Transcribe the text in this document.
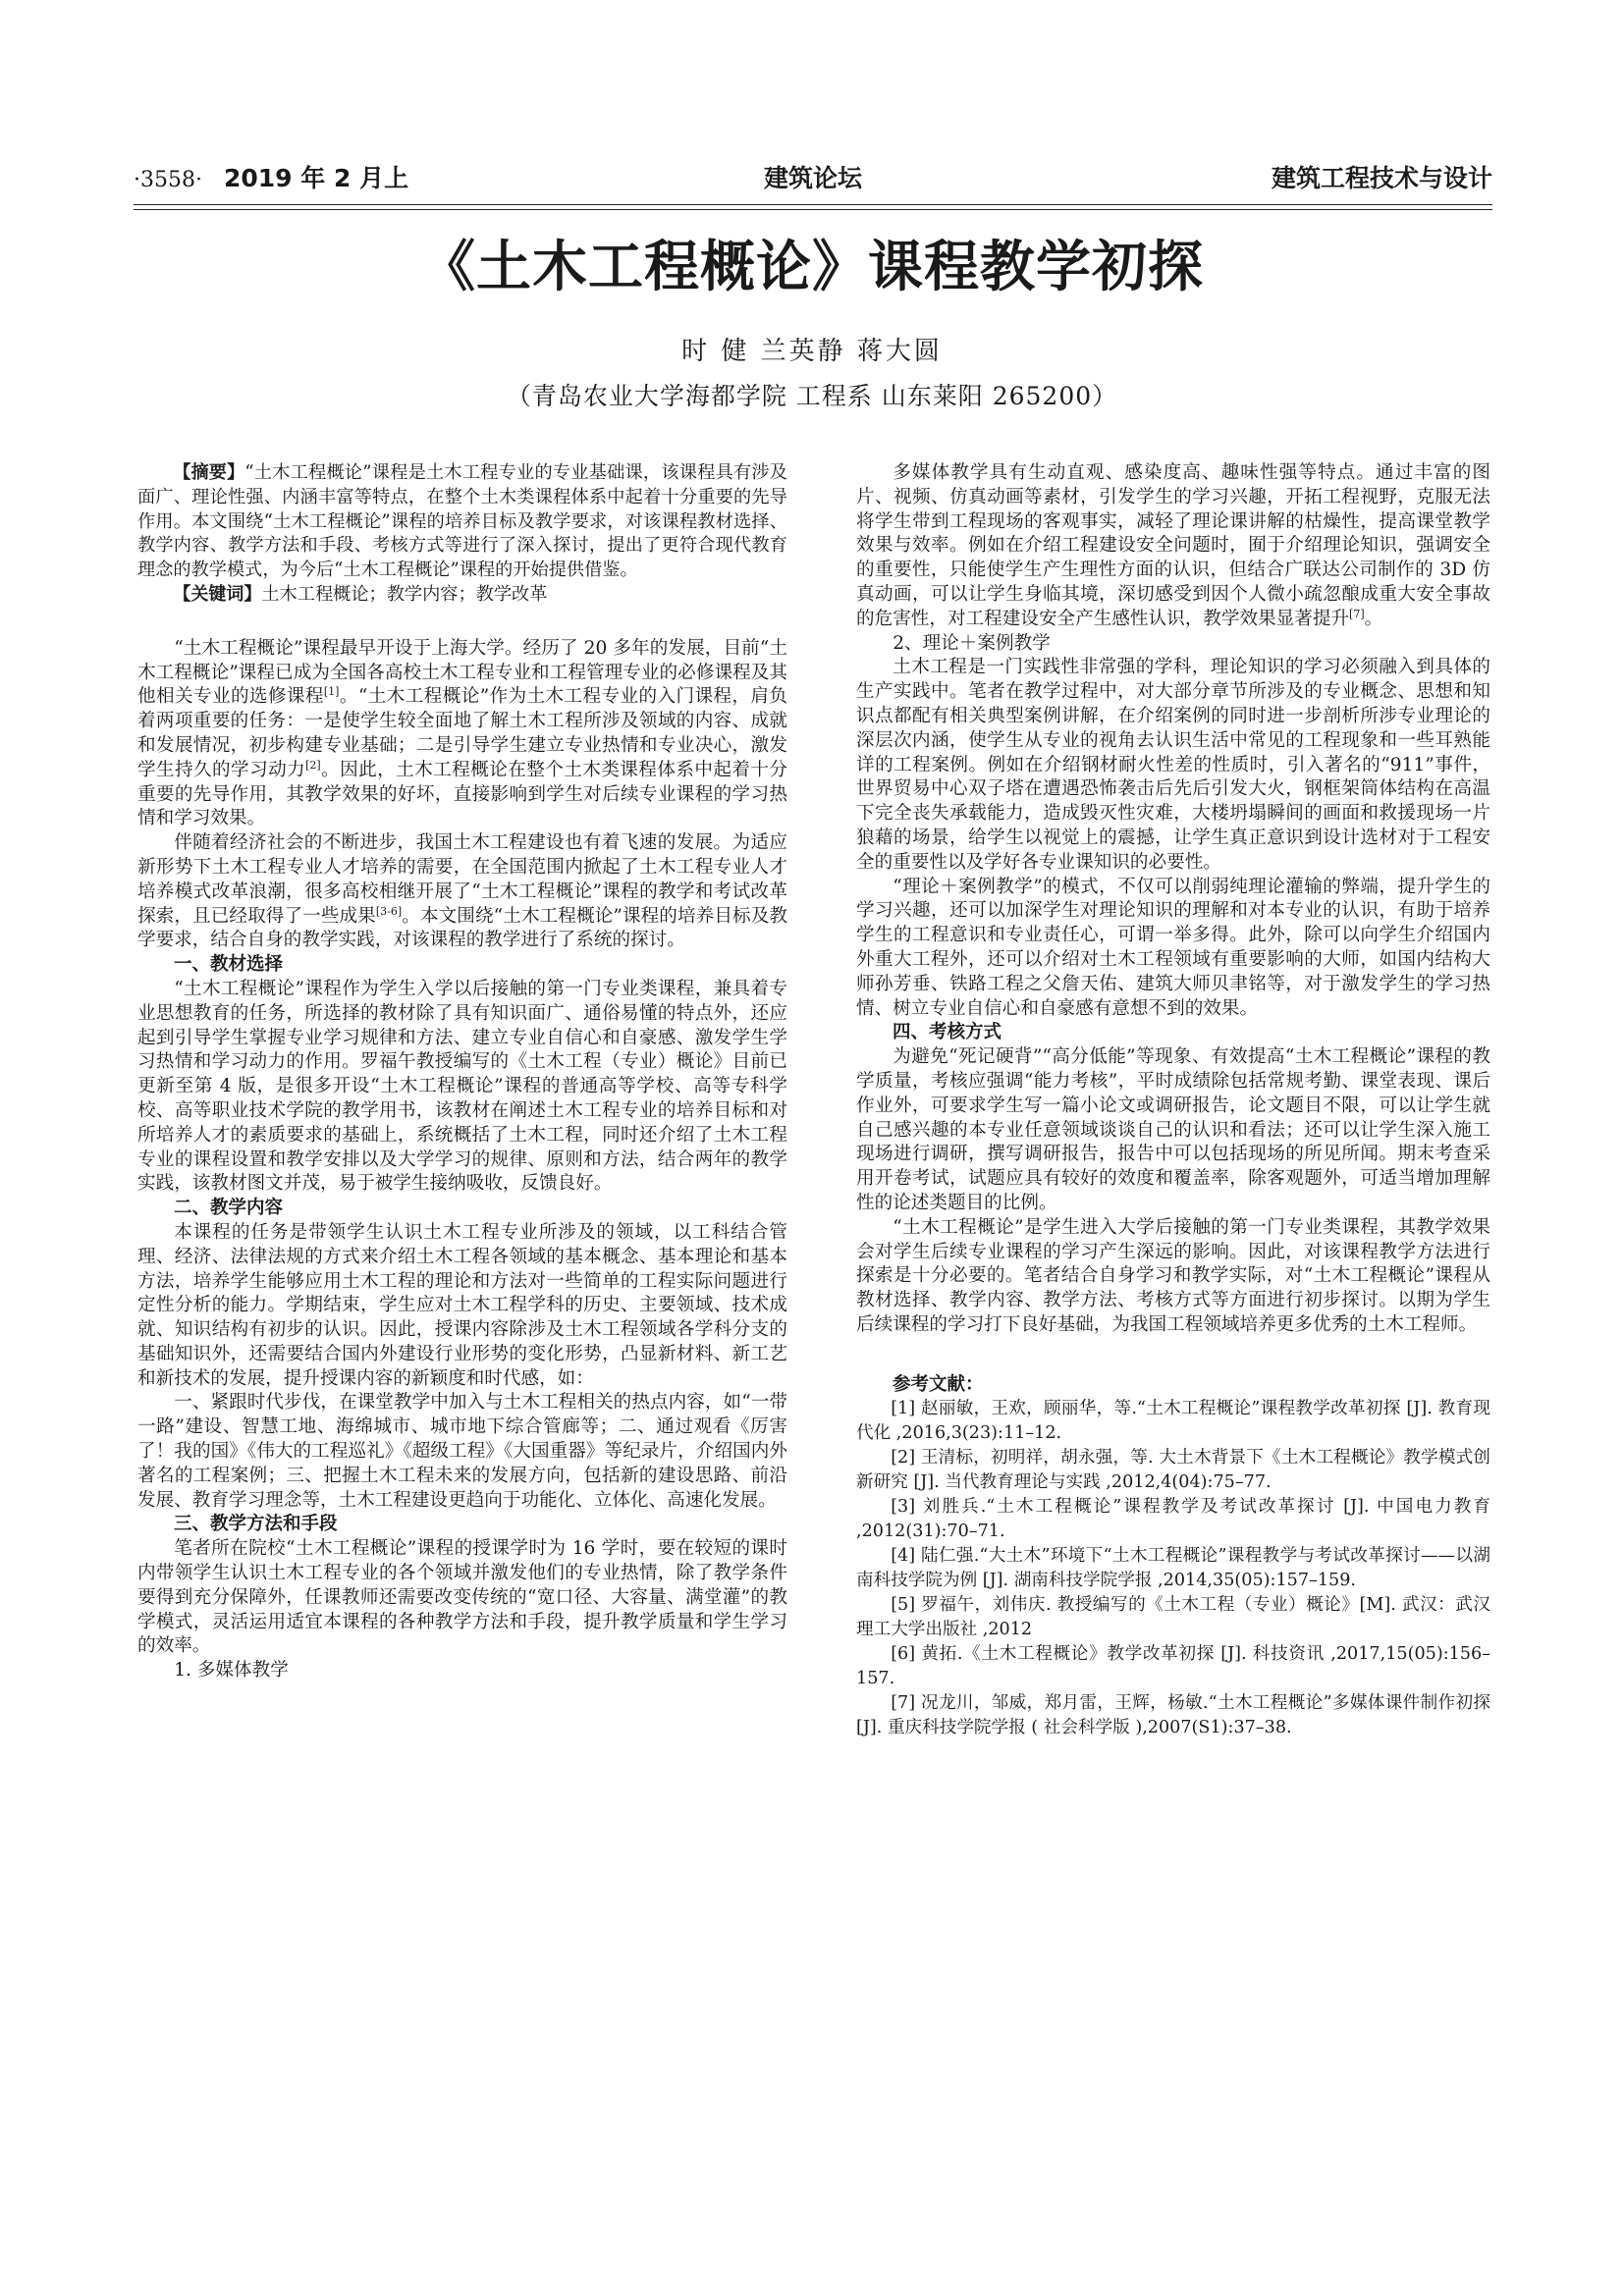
·3558· 2019 年 2 月上	建筑论坛	建筑工程技术与设计
《土木工程概论》课程教学初探
时 健 兰英静 蒋大圆
（青岛农业大学海都学院 工程系 山东莱阳 265200）

【摘要】“土木工程概论”课程是土木工程专业的专业基础课，该课程具有涉及面广、理论性强、内涵丰富等特点，在整个土木类课程体系中起着十分重要的先导作用。本文围绕“土木工程概论”课程的培养目标及教学要求，对该课程教材选择、教学内容、教学方法和手段、考核方式等进行了深入探讨，提出了更符合现代教育理念的教学模式，为今后“土木工程概论”课程的开始提供借鉴。

【关键词】土木工程概论；教学内容；教学改革

“土木工程概论”课程最早开设于上海大学。经历了 20 多年的发展，目前“土木工程概论”课程已成为全国各高校土木工程专业和工程管理专业的必修课程及其他相关专业的选修课程[1]。“土木工程概论”作为土木工程专业的入门课程，肩负着两项重要的任务：一是使学生较全面地了解土木工程所涉及领域的内容、成就和发展情况，初步构建专业基础；二是引导学生建立专业热情和专业决心，激发学生持久的学习动力[2]。因此，土木工程概论在整个土木类课程体系中起着十分重要的先导作用，其教学效果的好坏，直接影响到学生对后续专业课程的学习热情和学习效果。

伴随着经济社会的不断进步，我国土木工程建设也有着飞速的发展。为适应新形势下土木工程专业人才培养的需要，在全国范围内掀起了土木工程专业人才培养模式改革浪潮，很多高校相继开展了“土木工程概论”课程的教学和考试改革探索，且已经取得了一些成果[3-6]。本文围绕“土木工程概论”课程的培养目标及教学要求，结合自身的教学实践，对该课程的教学进行了系统的探讨。

一、教材选择

“土木工程概论”课程作为学生入学以后接触的第一门专业类课程，兼具着专业思想教育的任务，所选择的教材除了具有知识面广、通俗易懂的特点外，还应起到引导学生掌握专业学习规律和方法、建立专业自信心和自豪感、激发学生学习热情和学习动力的作用。罗福午教授编写的《土木工程（专业）概论》目前已更新至第 4 版，是很多开设“土木工程概论”课程的普通高等学校、高等专科学校、高等职业技术学院的教学用书，该教材在阐述土木工程专业的培养目标和对所培养人才的素质要求的基础上，系统概括了土木工程，同时还介绍了土木工程专业的课程设置和教学安排以及大学学习的规律、原则和方法，结合两年的教学实践，该教材图文并茂，易于被学生接纳吸收，反馈良好。

二、教学内容

本课程的任务是带领学生认识土木工程专业所涉及的领域，以工科结合管理、经济、法律法规的方式来介绍土木工程各领域的基本概念、基本理论和基本方法，培养学生能够应用土木工程的理论和方法对一些简单的工程实际问题进行定性分析的能力。学期结束，学生应对土木工程学科的历史、主要领域、技术成就、知识结构有初步的认识。因此，授课内容除涉及土木工程领域各学科分支的基础知识外，还需要结合国内外建设行业形势的变化形势，凸显新材料、新工艺和新技术的发展，提升授课内容的新颖度和时代感，如：

一、紧跟时代步伐，在课堂教学中加入与土木工程相关的热点内容，如“一带一路”建设、智慧工地、海绵城市、城市地下综合管廊等；二、通过观看《厉害了！我的国》《伟大的工程巡礼》《超级工程》《大国重器》等纪录片，介绍国内外著名的工程案例；三、把握土木工程未来的发展方向，包括新的建设思路、前沿发展、教育学习理念等，土木工程建设更趋向于功能化、立体化、高速化发展。

三、教学方法和手段

笔者所在院校“土木工程概论”课程的授课学时为 16 学时，要在较短的课时内带领学生认识土木工程专业的各个领域并激发他们的专业热情，除了教学条件要得到充分保障外，任课教师还需要改变传统的“宽口径、大容量、满堂灌”的教学模式，灵活运用适宜本课程的各种教学方法和手段，提升教学质量和学生学习的效率。

1. 多媒体教学

多媒体教学具有生动直观、感染度高、趣味性强等特点。通过丰富的图片、视频、仿真动画等素材，引发学生的学习兴趣，开拓工程视野，克服无法将学生带到工程现场的客观事实，减轻了理论课讲解的枯燥性，提高课堂教学效果与效率。例如在介绍工程建设安全问题时，囿于介绍理论知识，强调安全的重要性，只能使学生产生理性方面的认识，但结合广联达公司制作的 3D 仿真动画，可以让学生身临其境，深切感受到因个人微小疏忽酿成重大安全事故的危害性，对工程建设安全产生感性认识，教学效果显著提升[7]。

2、理论＋案例教学

土木工程是一门实践性非常强的学科，理论知识的学习必须融入到具体的生产实践中。笔者在教学过程中，对大部分章节所涉及的专业概念、思想和知识点都配有相关典型案例讲解，在介绍案例的同时进一步剖析所涉专业理论的深层次内涵，使学生从专业的视角去认识生活中常见的工程现象和一些耳熟能详的工程案例。例如在介绍钢材耐火性差的性质时，引入著名的“911”事件，世界贸易中心双子塔在遭遇恐怖袭击后先后引发大火，钢框架筒体结构在高温下完全丧失承载能力，造成毁灭性灾难，大楼坍塌瞬间的画面和救援现场一片狼藉的场景，给学生以视觉上的震撼，让学生真正意识到设计选材对于工程安全的重要性以及学好各专业课知识的必要性。

“理论＋案例教学”的模式，不仅可以削弱纯理论灌输的弊端，提升学生的学习兴趣，还可以加深学生对理论知识的理解和对本专业的认识，有助于培养学生的工程意识和专业责任心，可谓一举多得。此外，除可以向学生介绍国内外重大工程外，还可以介绍对土木工程领域有重要影响的大师，如国内结构大师孙芳垂、铁路工程之父詹天佑、建筑大师贝聿铭等，对于激发学生的学习热情、树立专业自信心和自豪感有意想不到的效果。

四、考核方式

为避免“死记硬背”“高分低能”等现象、有效提高“土木工程概论”课程的教学质量，考核应强调“能力考核”，平时成绩除包括常规考勤、课堂表现、课后作业外，可要求学生写一篇小论文或调研报告，论文题目不限，可以让学生就自己感兴趣的本专业任意领域谈谈自己的认识和看法；还可以让学生深入施工现场进行调研，撰写调研报告，报告中可以包括现场的所见所闻。期末考查采用开卷考试，试题应具有较好的效度和覆盖率，除客观题外，可适当增加理解性的论述类题目的比例。

“土木工程概论”是学生进入大学后接触的第一门专业类课程，其教学效果会对学生后续专业课程的学习产生深远的影响。因此，对该课程教学方法进行探索是十分必要的。笔者结合自身学习和教学实际，对“土木工程概论”课程从教材选择、教学内容、教学方法、考核方式等方面进行初步探讨。以期为学生后续课程的学习打下良好基础，为我国工程领域培养更多优秀的土木工程师。

参考文献：

[1] 赵丽敏，王欢，顾丽华，等.“土木工程概论”课程教学改革初探 [J]. 教育现代化 ,2016,3(23):11–12.

[2] 王清标，初明祥，胡永强，等. 大土木背景下《土木工程概论》教学模式创新研究 [J]. 当代教育理论与实践 ,2012,4(04):75–77.

[3] 刘胜兵.“土木工程概论”课程教学及考试改革探讨 [J]. 中国电力教育 ,2012(31):70–71.

[4] 陆仁强.“大土木”环境下“土木工程概论”课程教学与考试改革探讨——以湖南科技学院为例 [J]. 湖南科技学院学报 ,2014,35(05):157–159.

[5] 罗福午，刘伟庆. 教授编写的《土木工程（专业）概论》[M]. 武汉：武汉理工大学出版社 ,2012

[6] 黄拓.《土木工程概论》教学改革初探 [J]. 科技资讯 ,2017,15(05):156–157.

[7] 况龙川，邹威，郑月雷，王辉，杨敏.“土木工程概论”多媒体课件制作初探 [J]. 重庆科技学院学报 ( 社会科学版 ),2007(S1):37–38.
